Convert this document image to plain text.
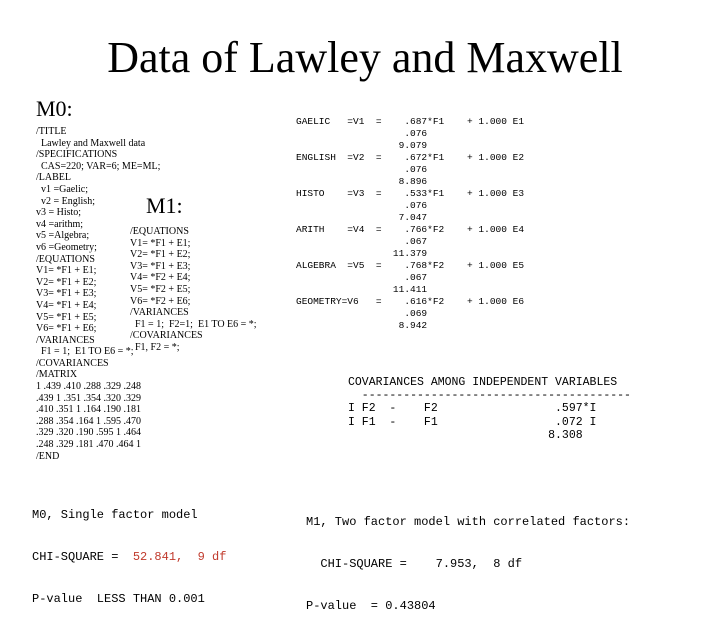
Data of Lawley and Maxwell
M0:
M1:
/TITLE
Lawley and Maxwell data
/SPECIFICATIONS
CAS=220; VAR=6; ME=ML;
/LABEL
v1 =Gaelic;
v2 = English;
v3 = Histo;
v4 =arithm;
v5 =Algebra;
v6 =Geometry;
/EQUATIONS
V1= *F1 + E1;
V2= *F1 + E2;
V3= *F1 + E3;
V4= *F1 + E4;
V5= *F1 + E5;
V6= *F1 + E6;
/VARIANCES
F1 = 1;  E1 TO E6 = *;
/COVARIANCES
/MATRIX
1 .439 .410 .288 .329 .248
.439 1 .351 .354 .320 .329
.410 .351 1 .164 .190 .181
.288 .354 .164 1 .595 .470
.329 .320 .190 .595 1 .464
.248 .329 .181 .470 .464 1
/END
/EQUATIONS
V1= *F1 + E1;
V2= *F1 + E2;
V3= *F1 + E3;
V4= *F2 + E4;
V5= *F2 + E5;
V6= *F2 + E6;
/VARIANCES
F1 = 1;  F2=1;  E1 TO E6 = *;
/COVARIANCES
F1, F2 = *;
GAELIC   =V1  =    .687*F1    + 1.000 E1
.076
9.079
ENGLISH  =V2  =    .672*F1    + 1.000 E2
.076
8.896
HISTO    =V3  =    .533*F1    + 1.000 E3
.076
7.047
ARITH    =V4  =    .766*F2    + 1.000 E4
.067
11.379
ALGEBRA  =V5  =    .768*F2    + 1.000 E5
.067
11.411
GEOMETRY=V6   =    .616*F2    + 1.000 E6
.069
8.942
COVARIANCES AMONG INDEPENDENT VARIABLES
---------------------------------------
I F2  -    F2                 .597*I
I F1  -    F1                 .072 I
8.308

M0, Single factor model

CHI-SQUARE =  52.841,  9 df

P-value  LESS THAN 0.001

M1, Two factor model with correlated factors:

CHI-SQUARE =    7.953,  8 df

P-value  = 0.43804
